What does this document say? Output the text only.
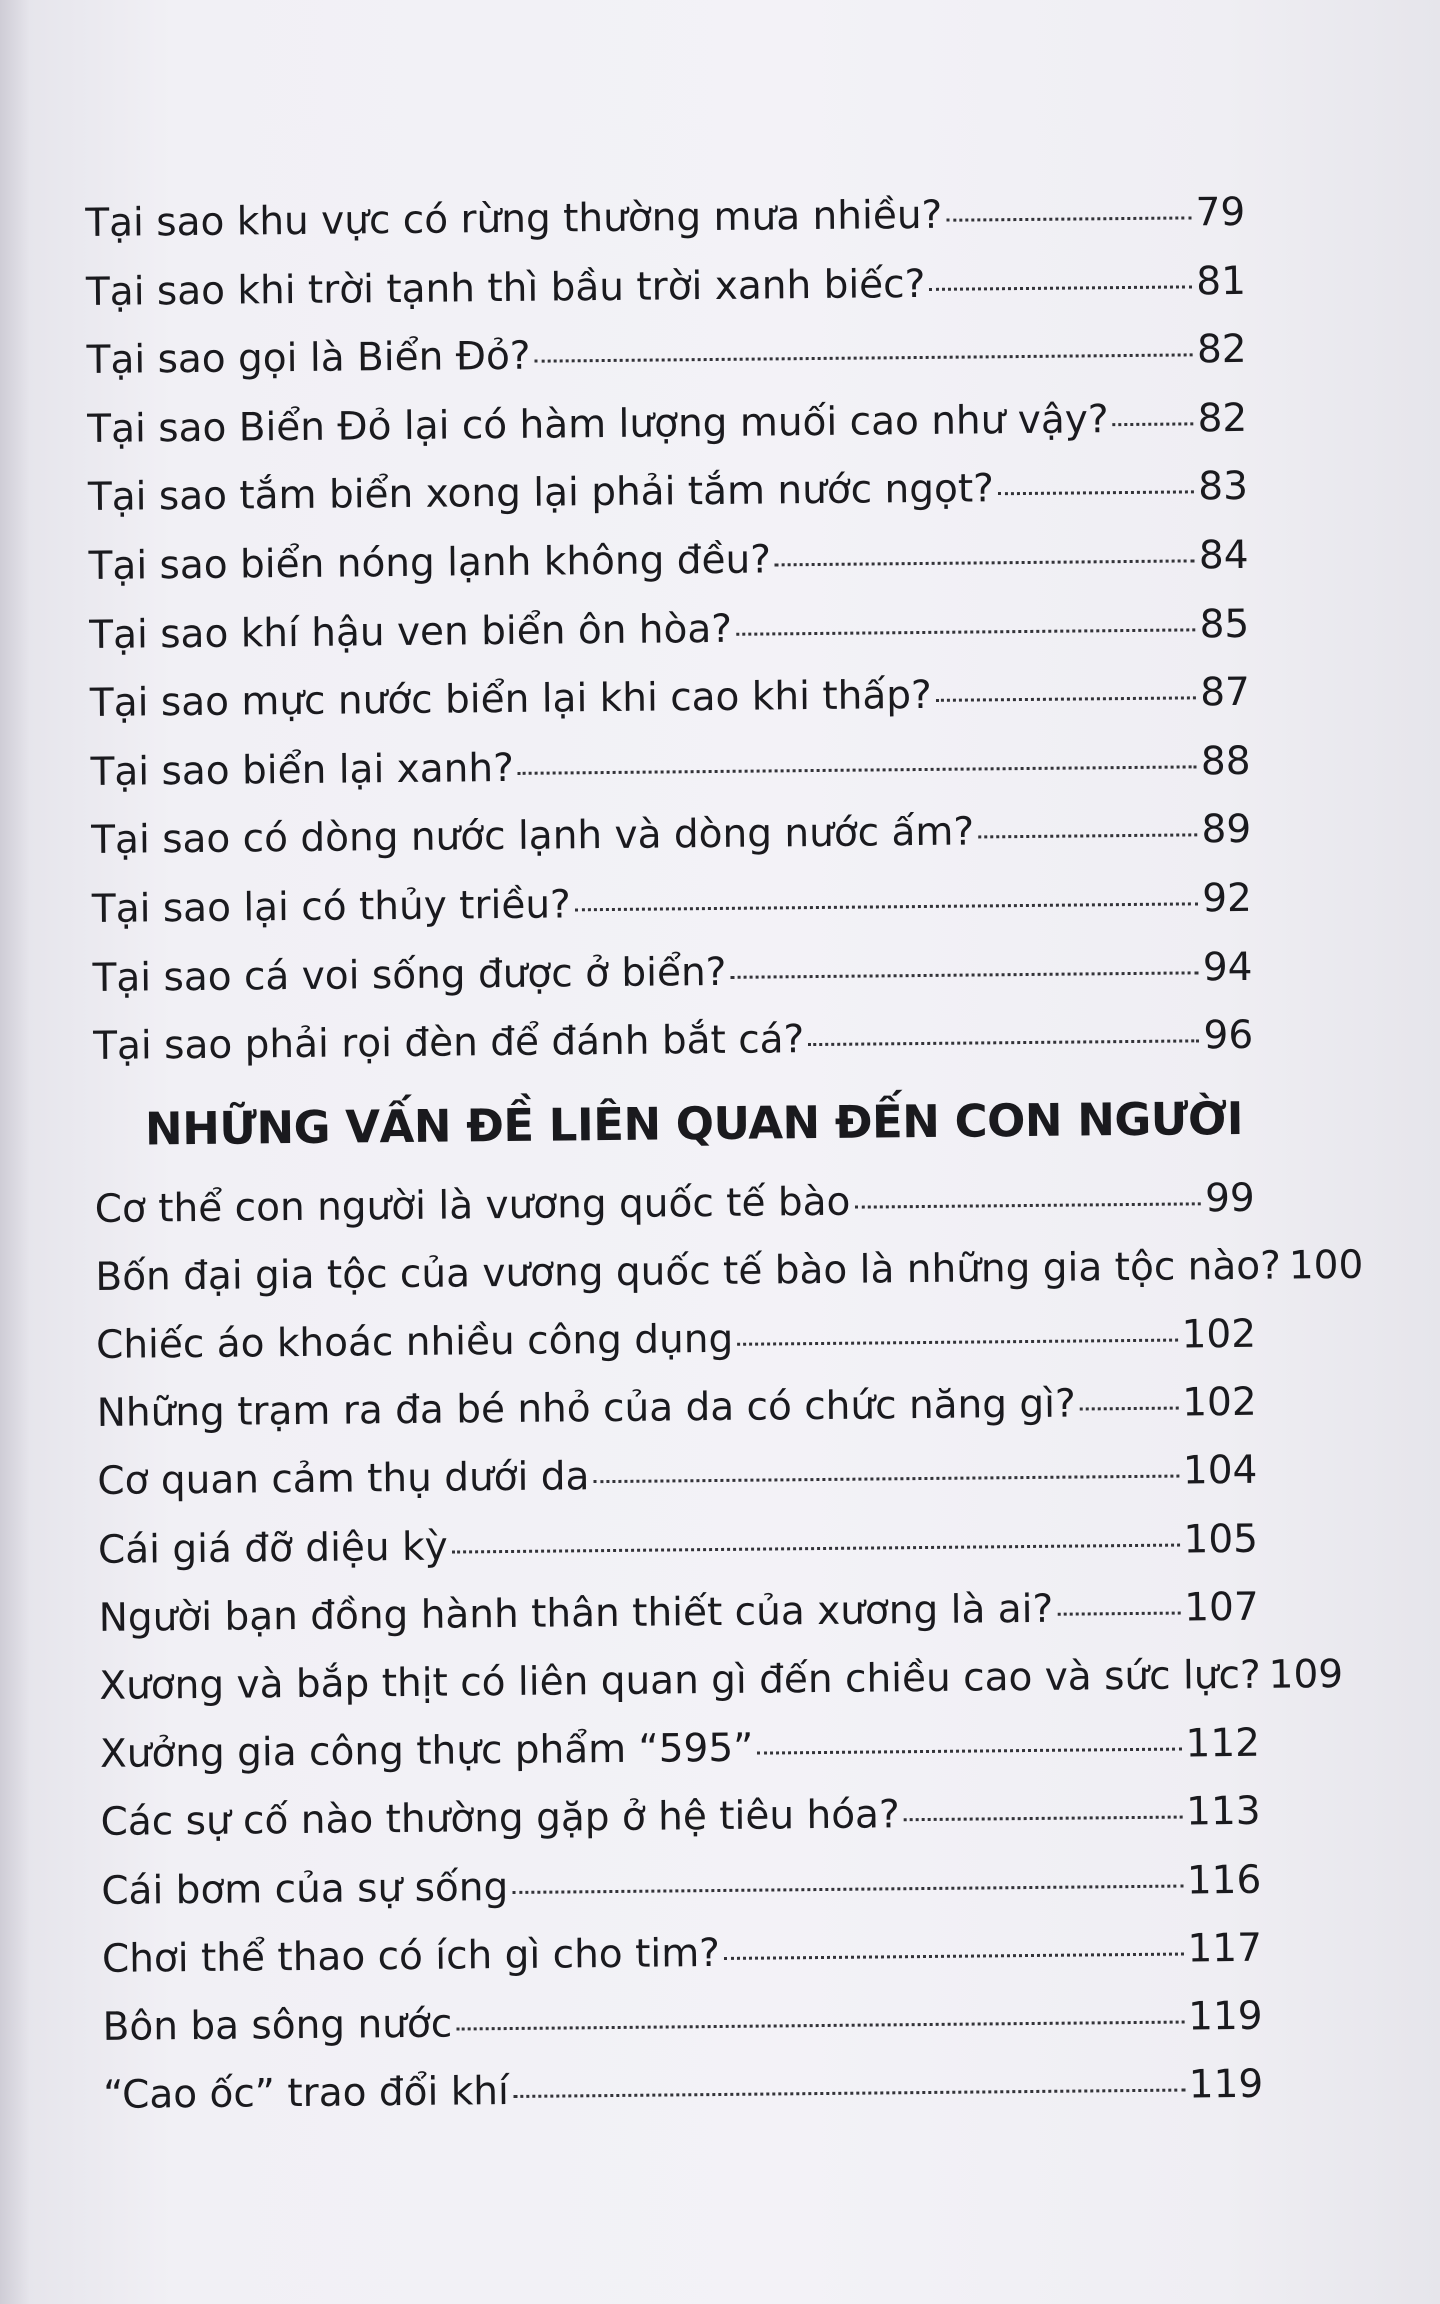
Tại sao khu vực có rừng thường mưa nhiều?	79
Tại sao khi trời tạnh thì bầu trời xanh biếc?	81
Tại sao gọi là Biển Đỏ?	82
Tại sao Biển Đỏ lại có hàm lượng muối cao như vậy? 82
Tại sao tắm biển xong lại phải tắm nước ngọt?	83
Tại sao biển nóng lạnh không đều?	84
Tại sao khí hậu ven biển ôn hòa?	85
Tại sao mực nước biển lại khi cao khi thấp?	87
Tại sao biển lại xanh?	88
Tại sao có dòng nước lạnh và dòng nước ấm?	89
Tại sao lại có thủy triều?	92
Tại sao cá voi sống được ở biển?	94
Tại sao phải rọi đèn để đánh bắt cá?	96
NHỮNG VẤN ĐỀ LIÊN QUAN ĐẾN CON NGƯỜI
Cơ thể con người là vương quốc tế bào	99
Bốn đại gia tộc của vương quốc tế bào là những gia tộc nào? 100
Chiếc áo khoác nhiều công dụng	102
Những trạm ra đa bé nhỏ của da có chức năng gì?	102
Cơ quan cảm thụ dưới da	104
Cái giá đỡ diệu kỳ	105
Người bạn đồng hành thân thiết của xương là ai?	107
Xương và bắp thịt có liên quan gì đến chiều cao và sức lực? 109
Xưởng gia công thực phẩm “595”	112
Các sự cố nào thường gặp ở hệ tiêu hóa?	113
Cái bơm của sự sống	116
Chơi thể thao có ích gì cho tim?	117
Bôn ba sông nước	119
“Cao ốc” trao đổi khí	119
